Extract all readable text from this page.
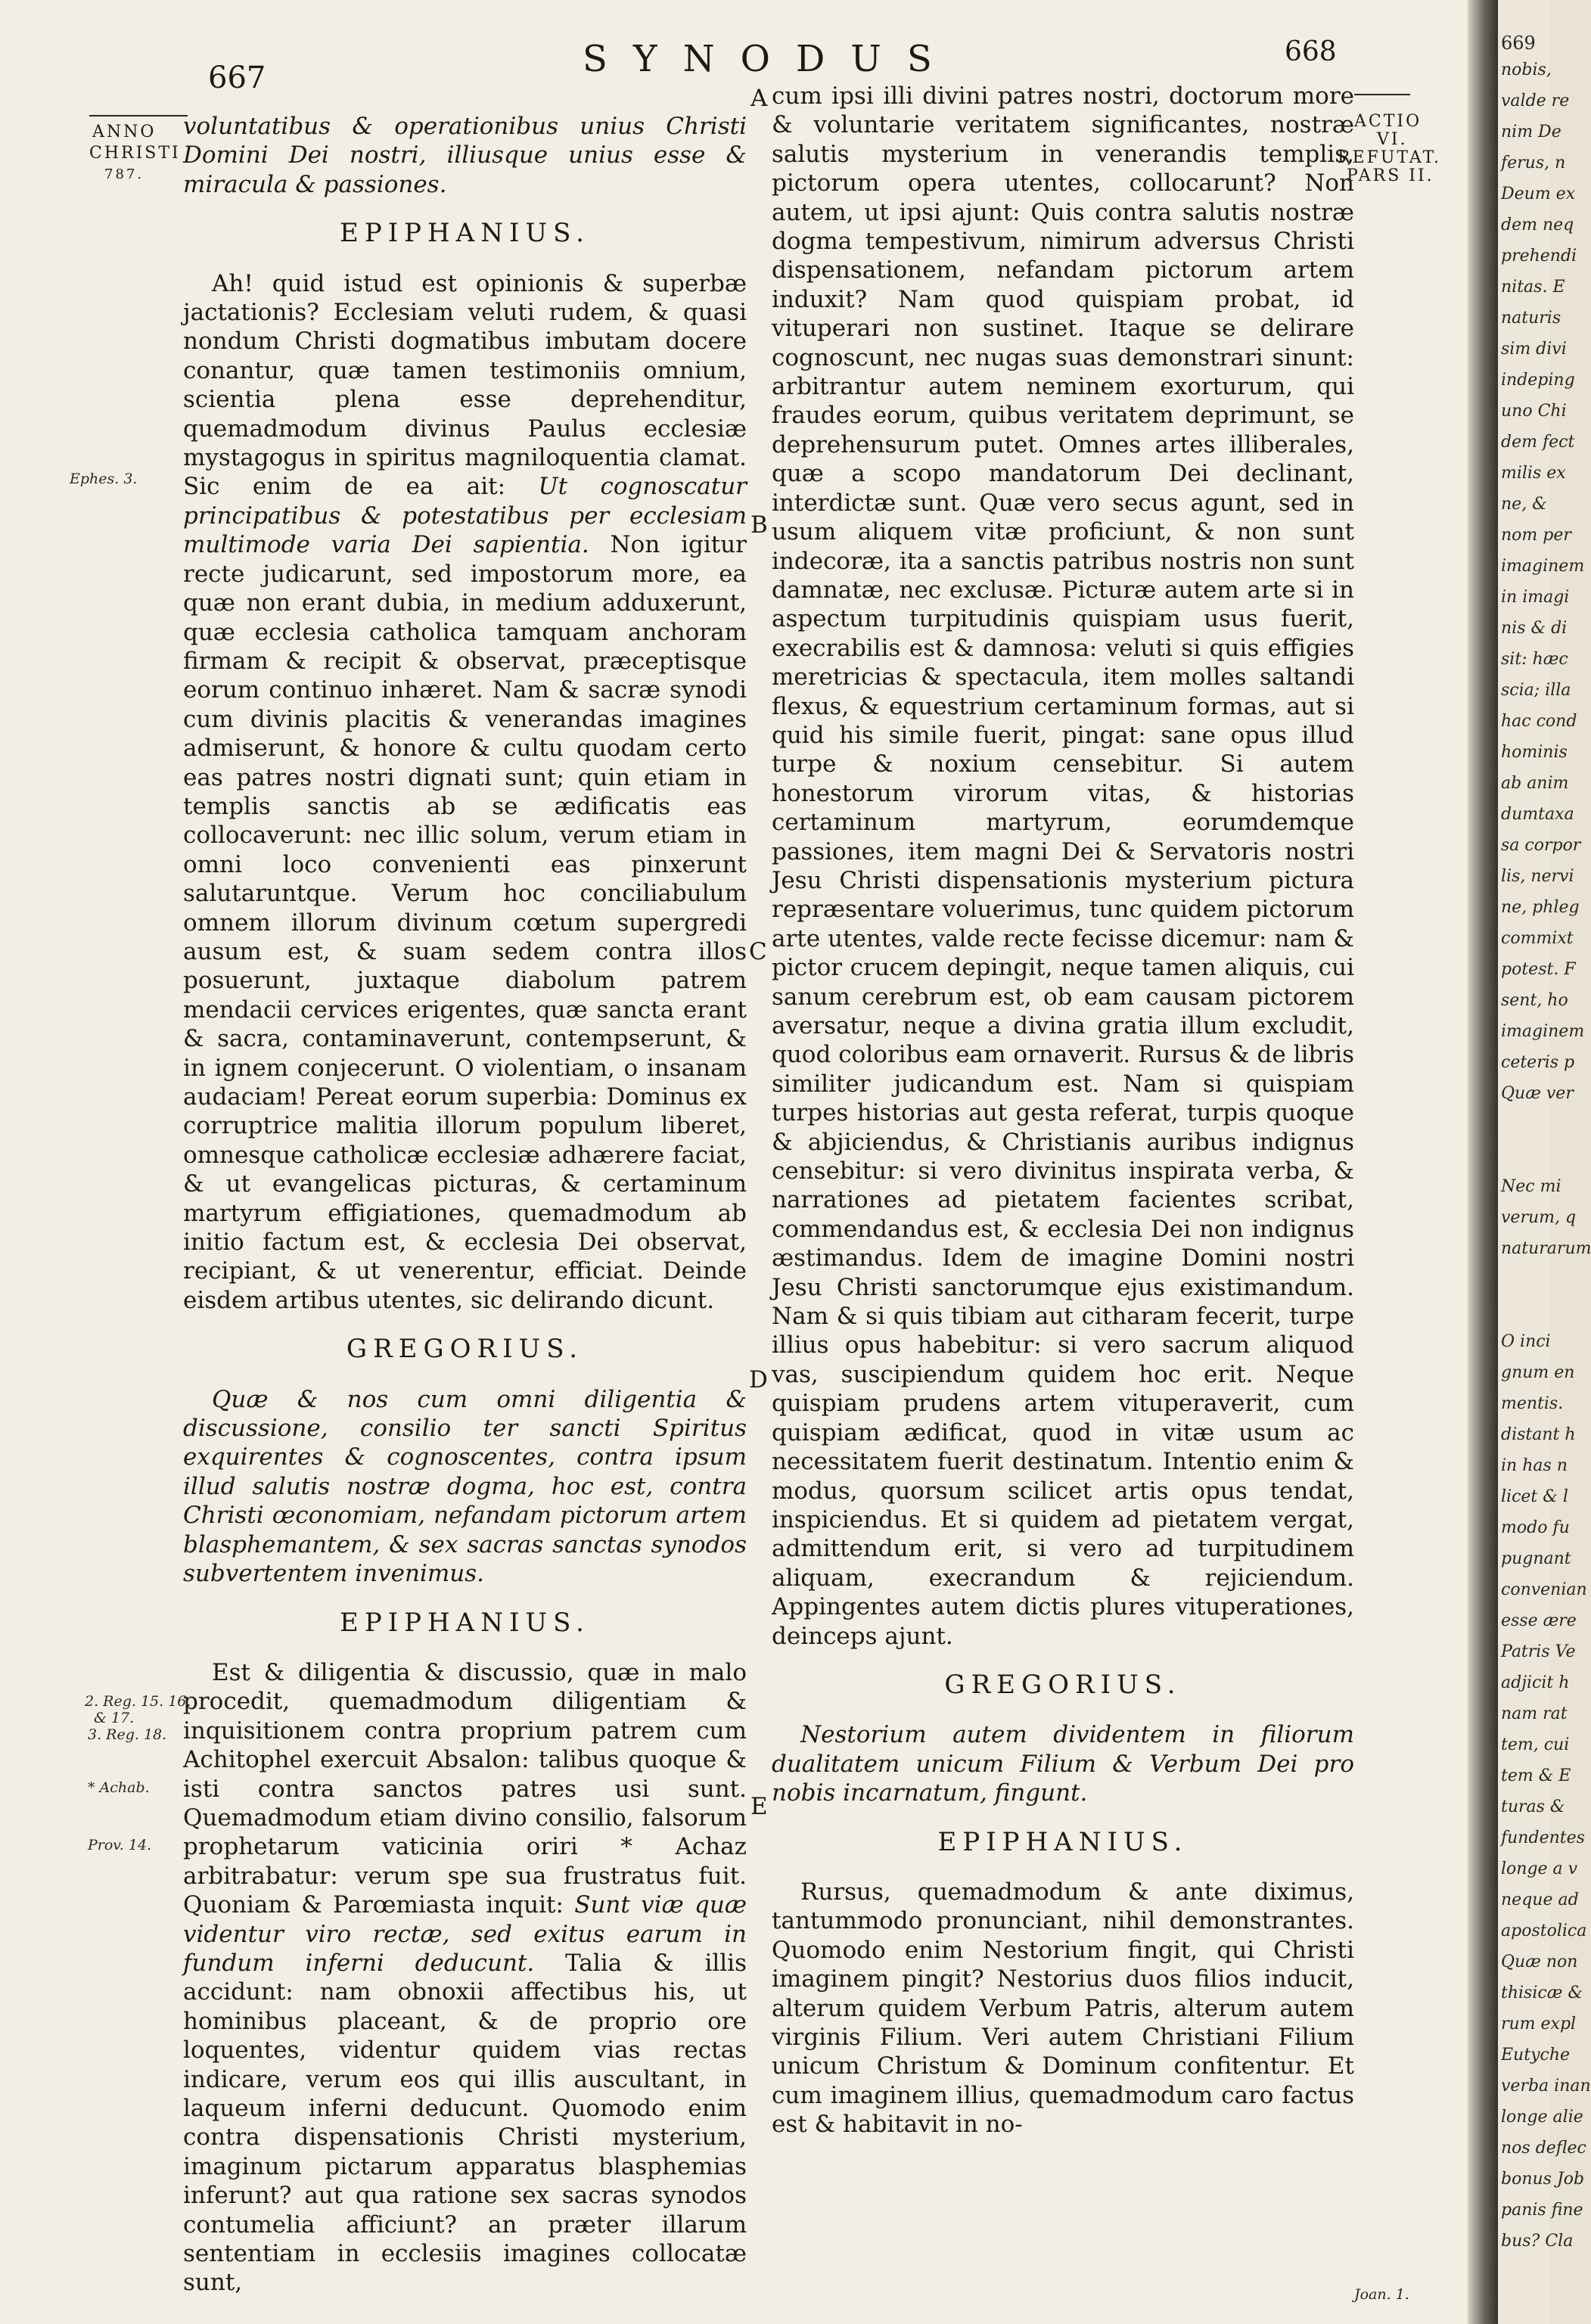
667	SYNODUS	668
ANNO
CHRISTI
787.
Ephes. 3.
2. Reg. 15. 16.
& 17.
3. Reg. 18.
* Achab.
Prov. 14.
ACTIO
VI.
REFUTAT.
PARS II.
Joan. 1.
A
B
C
D
E

voluntatibus & operationibus unius Christi Domini Dei nostri, illiusque unius esse & miracula & passiones.

EPIPHANIUS.

Ah! quid istud est opinionis & superbæ jactationis? Ecclesiam veluti rudem, & quasi nondum Christi dogmatibus imbutam docere conantur, quæ tamen testimoniis omnium, scientia plena esse deprehenditur, quemadmodum divinus Paulus ecclesiæ mystagogus in spiritus magniloquentia clamat. Sic enim de ea ait: Ut cognoscatur principatibus & potestatibus per ecclesiam multimode varia Dei sapientia. Non igitur recte judicarunt, sed impostorum more, ea quæ non erant dubia, in medium adduxerunt, quæ ecclesia catholica tamquam anchoram firmam & recipit & observat, præceptisque eorum continuo inhæret. Nam & sacræ synodi cum divinis placitis & venerandas imagines admiserunt, & honore & cultu quodam certo eas patres nostri dignati sunt; quin etiam in templis sanctis ab se ædificatis eas collocaverunt: nec illic solum, verum etiam in omni loco convenienti eas pinxerunt salutaruntque. Verum hoc conciliabulum omnem illorum divinum cœtum supergredi ausum est, & suam sedem contra illos posuerunt, juxtaque diabolum patrem mendacii cervices erigentes, quæ sancta erant & sacra, contaminaverunt, contempserunt, & in ignem conjecerunt. O violentiam, o insanam audaciam! Pereat eorum superbia: Dominus ex corruptrice malitia illorum populum liberet, omnesque catholicæ ecclesiæ adhærere faciat, & ut evangelicas picturas, & certaminum martyrum effigiationes, quemadmodum ab initio factum est, & ecclesia Dei observat, recipiant, & ut venerentur, efficiat. Deinde eisdem artibus utentes, sic delirando dicunt.

GREGORIUS.

Quæ & nos cum omni diligentia & discussione, consilio ter sancti Spiritus exquirentes & cognoscentes, contra ipsum illud salutis nostræ dogma, hoc est, contra Christi œconomiam, nefandam pictorum artem blasphemantem, & sex sacras sanctas synodos subvertentem invenimus.

EPIPHANIUS.

Est & diligentia & discussio, quæ in malo procedit, quemadmodum diligentiam & inquisitionem contra proprium patrem cum Achitophel exercuit Absalon: talibus quoque & isti contra sanctos patres usi sunt. Quemadmodum etiam divino consilio, falsorum prophetarum vaticinia oriri * Achaz arbitrabatur: verum spe sua frustratus fuit. Quoniam & Parœmiasta inquit: Sunt viæ quæ videntur viro rectæ, sed exitus earum in fundum inferni deducunt. Talia & illis accidunt: nam obnoxii affectibus his, ut hominibus placeant, & de proprio ore loquentes, videntur quidem vias rectas indicare, verum eos qui illis auscultant, in laqueum inferni deducunt. Quomodo enim contra dispensationis Christi mysterium, imaginum pictarum apparatus blasphemias inferunt? aut qua ratione sex sacras synodos contumelia afficiunt? an præter illarum sententiam in ecclesiis imagines collocatæ sunt,

cum ipsi illi divini patres nostri, doctorum more & voluntarie veritatem significantes, nostræ salutis mysterium in venerandis templis, pictorum opera utentes, collocarunt? Non autem, ut ipsi ajunt: Quis contra salutis nostræ dogma tempestivum, nimirum adversus Christi dispensationem, nefandam pictorum artem induxit? Nam quod quispiam probat, id vituperari non sustinet. Itaque se delirare cognoscunt, nec nugas suas demonstrari sinunt: arbitrantur autem neminem exorturum, qui fraudes eorum, quibus veritatem deprimunt, se deprehensurum putet. Omnes artes illiberales, quæ a scopo mandatorum Dei declinant, interdictæ sunt. Quæ vero secus agunt, sed in usum aliquem vitæ proficiunt, & non sunt indecoræ, ita a sanctis patribus nostris non sunt damnatæ, nec exclusæ. Picturæ autem arte si in aspectum turpitudinis quispiam usus fuerit, execrabilis est & damnosa: veluti si quis effigies meretricias & spectacula, item molles saltandi flexus, & equestrium certaminum formas, aut si quid his simile fuerit, pingat: sane opus illud turpe & noxium censebitur. Si autem honestorum virorum vitas, & historias certaminum martyrum, eorumdemque passiones, item magni Dei & Servatoris nostri Jesu Christi dispensationis mysterium pictura repræsentare voluerimus, tunc quidem pictorum arte utentes, valde recte fecisse dicemur: nam & pictor crucem depingit, neque tamen aliquis, cui sanum cerebrum est, ob eam causam pictorem aversatur, neque a divina gratia illum excludit, quod coloribus eam ornaverit. Rursus & de libris similiter judicandum est. Nam si quispiam turpes historias aut gesta referat, turpis quoque & abjiciendus, & Christianis auribus indignus censebitur: si vero divinitus inspirata verba, & narrationes ad pietatem facientes scribat, commendandus est, & ecclesia Dei non indignus æstimandus. Idem de imagine Domini nostri Jesu Christi sanctorumque ejus existimandum. Nam & si quis tibiam aut citharam fecerit, turpe illius opus habebitur: si vero sacrum aliquod vas, suscipiendum quidem hoc erit. Neque quispiam prudens artem vituperaverit, cum quispiam ædificat, quod in vitæ usum ac necessitatem fuerit destinatum. Intentio enim & modus, quorsum scilicet artis opus tendat, inspiciendus. Et si quidem ad pietatem vergat, admittendum erit, si vero ad turpitudinem aliquam, execrandum & rejiciendum. Appingentes autem dictis plures vituperationes, deinceps ajunt.

GREGORIUS.

Nestorium autem dividentem in filiorum dualitatem unicum Filium & Verbum Dei pro nobis incarnatum, fingunt.

EPIPHANIUS.

Rursus, quemadmodum & ante diximus, tantummodo pronunciant, nihil demonstrantes. Quomodo enim Nestorium fingit, qui Christi imaginem pingit? Nestorius duos filios inducit, alterum quidem Verbum Patris, alterum autem virginis Filium. Veri autem Christiani Filium unicum Christum & Dominum confitentur. Et cum imaginem illius, quemadmodum caro factus est & habitavit in no-

669
nobis,
valde re
nim De
ferus, n
Deum ex
dem neq
prehendi
nitas. E
naturis
sim divi
indeping
uno Chi
dem fect
milis ex
ne, &
nom per
imaginem
in imagi
nis & di
sit: hæc
scia; illa
hac cond
hominis
ab anim
dumtaxa
sa corpor
lis, nervi
ne, phleg
commixt
potest. F
sent, ho
imaginem
ceteris p
Quæ ver
Nec mi
verum, q
naturarum
O inci
gnum en
mentis.
distant h
in has n
licet & l
modo fu
pugnant
convenian
esse ære
Patris Ve
adjicit h
nam rat
tem, cui
tem & E
turas &
fundentes
longe a v
neque ad
apostolica
Quæ non
thisicæ &
rum expl
Eutyche
verba inan
longe alie
nos deflec
bonus Job
panis fine
bus? Cla
